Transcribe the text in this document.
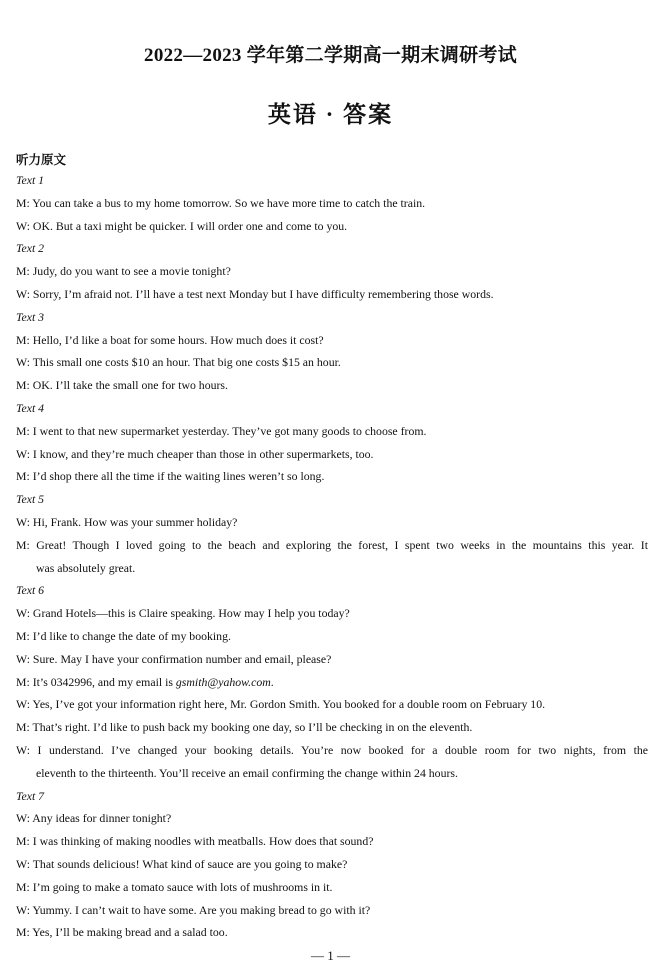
2022—2023 学年第二学期高一期末调研考试
英语 · 答案
听力原文
Text 1
M: You can take a bus to my home tomorrow. So we have more time to catch the train.
W: OK. But a taxi might be quicker. I will order one and come to you.
Text 2
M: Judy, do you want to see a movie tonight?
W: Sorry, I’m afraid not. I’ll have a test next Monday but I have difficulty remembering those words.
Text 3
M: Hello, I’d like a boat for some hours. How much does it cost?
W: This small one costs $10 an hour. That big one costs $15 an hour.
M: OK. I’ll take the small one for two hours.
Text 4
M: I went to that new supermarket yesterday. They’ve got many goods to choose from.
W: I know, and they’re much cheaper than those in other supermarkets, too.
M: I’d shop there all the time if the waiting lines weren’t so long.
Text 5
W: Hi, Frank. How was your summer holiday?
M: Great! Though I loved going to the beach and exploring the forest, I spent two weeks in the mountains this year. It
was absolutely great.
Text 6
W: Grand Hotels—this is Claire speaking. How may I help you today?
M: I’d like to change the date of my booking.
W: Sure. May I have your confirmation number and email, please?
M: It’s 0342996, and my email is gsmith@yahow.com.
W: Yes, I’ve got your information right here, Mr. Gordon Smith. You booked for a double room on February 10.
M: That’s right. I’d like to push back my booking one day, so I’ll be checking in on the eleventh.
W: I understand. I’ve changed your booking details. You’re now booked for a double room for two nights, from the
eleventh to the thirteenth. You’ll receive an email confirming the change within 24 hours.
Text 7
W: Any ideas for dinner tonight?
M: I was thinking of making noodles with meatballs. How does that sound?
W: That sounds delicious! What kind of sauce are you going to make?
M: I’m going to make a tomato sauce with lots of mushrooms in it.
W: Yummy. I can’t wait to have some. Are you making bread to go with it?
M: Yes, I’ll be making bread and a salad too.
— 1 —
